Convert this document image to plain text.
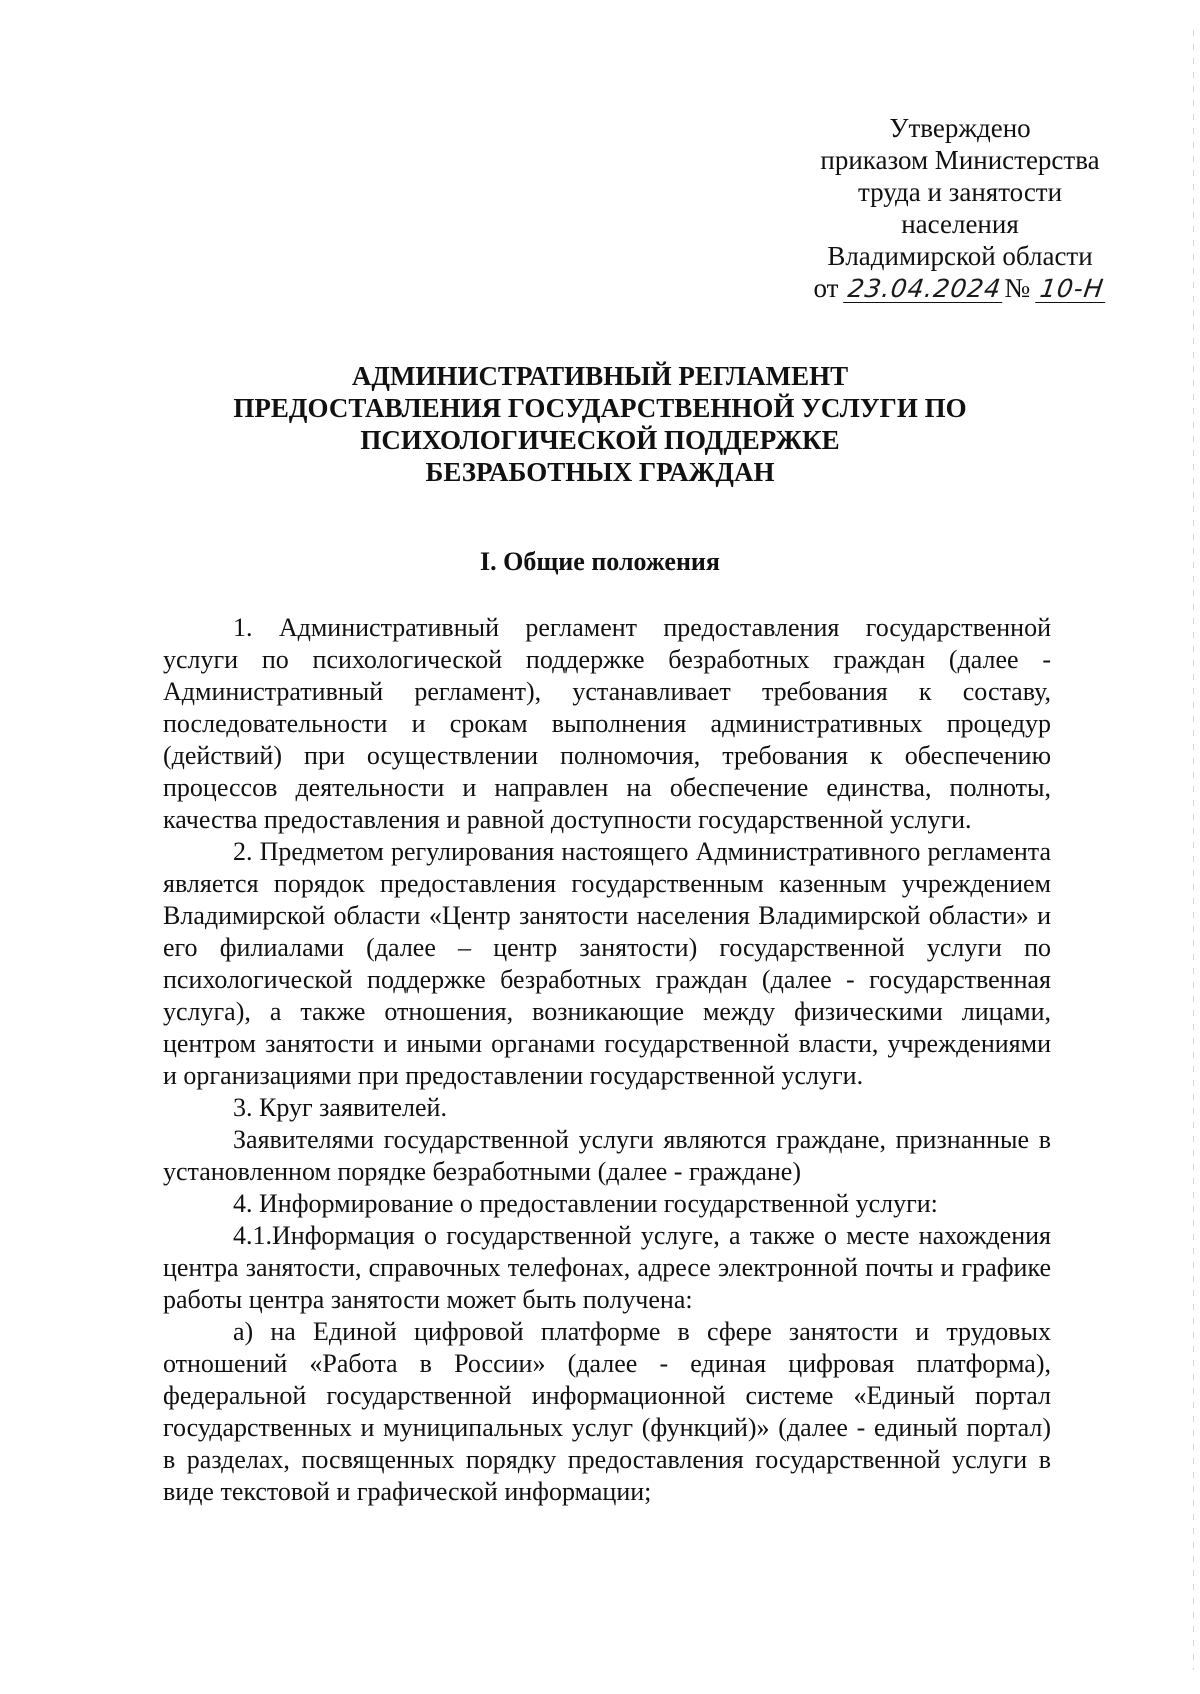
Утверждено
приказом Министерства
труда и занятости
населения
Владимирской области
от
23.04.2024 №
10-Н
АДМИНИСТРАТИВНЫЙ РЕГЛАМЕНТ
ПРЕДОСТАВЛЕНИЯ ГОСУДАРСТВЕННОЙ УСЛУГИ ПО
ПСИХОЛОГИЧЕСКОЙ ПОДДЕРЖКЕ
БЕЗРАБОТНЫХ ГРАЖДАН
I. Общие положения

1. Административный регламент предоставления государственной услуги по психологической поддержке безработных граждан (далее - Административный регламент), устанавливает требования к составу, последовательности и срокам выполнения административных процедур (действий) при осуществлении полномочия, требования к обеспечению процессов деятельности и направлен на обеспечение единства, полноты, качества предоставления и равной доступности государственной услуги.

2. Предметом регулирования настоящего Административного регламента является порядок предоставления государственным казенным учреждением Владимирской области «Центр занятости населения Владимирской области» и его филиалами (далее – центр занятости) государственной услуги по психологической поддержке безработных граждан (далее - государственная услуга), а также отношения, возникающие между физическими лицами, центром занятости и иными органами государственной власти, учреждениями и организациями при предоставлении государственной услуги.

3. Круг заявителей.

Заявителями государственной услуги являются граждане, признанные в установленном порядке безработными (далее - граждане)

4. Информирование о предоставлении государственной услуги:

4.1.Информация о государственной услуге, а также о месте нахождения центра занятости, справочных телефонах, адресе электронной почты и графике работы центра занятости может быть получена:

а) на Единой цифровой платформе в сфере занятости и трудовых отношений «Работа в России» (далее - единая цифровая платформа), федеральной государственной информационной системе «Единый портал государственных и муниципальных услуг (функций)» (далее - единый портал) в разделах, посвященных порядку предоставления государственной услуги в виде текстовой и графической информации;
